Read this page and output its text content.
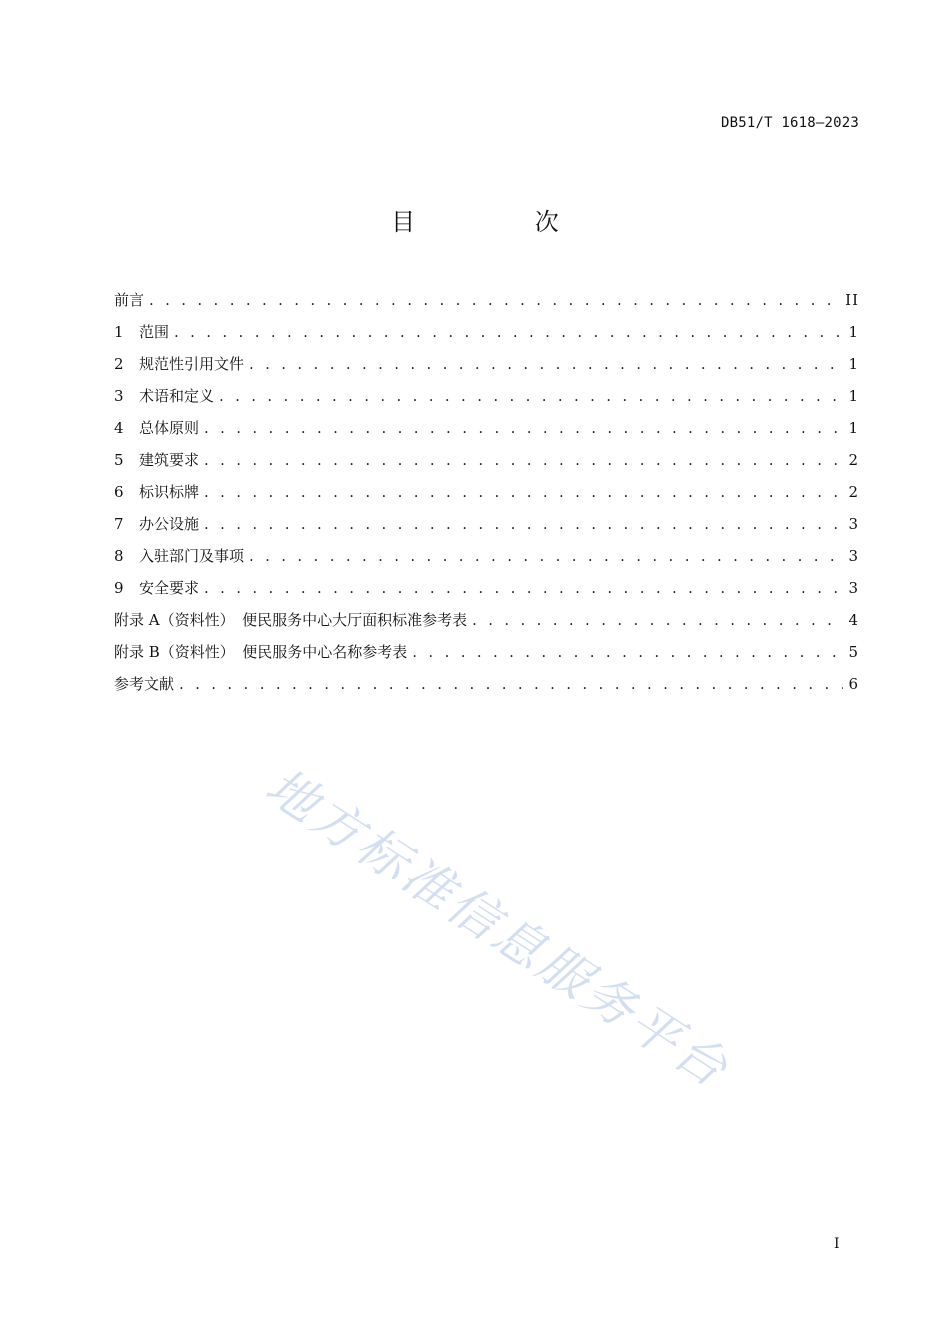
DB51/T 1618—2023
目 次
前言 . . .	II
1	范围 . . .	1
2	规范性引用文件 . . .	1
3	术语和定义 . . .	1
4	总体原则 . . .	1
5	建筑要求 . . .	2
6	标识标牌 . . .	2
7	办公设施 . . .	3
8	入驻部门及事项 . . .	3
9	安全要求 . . .	3
附录 A（资料性）　便民服务中心大厅面积标准参考表 . . .	4
附录 B（资料性）　便民服务中心名称参考表 . . .	5
参考文献 . . .	6
地方标准信息服务平台
I
